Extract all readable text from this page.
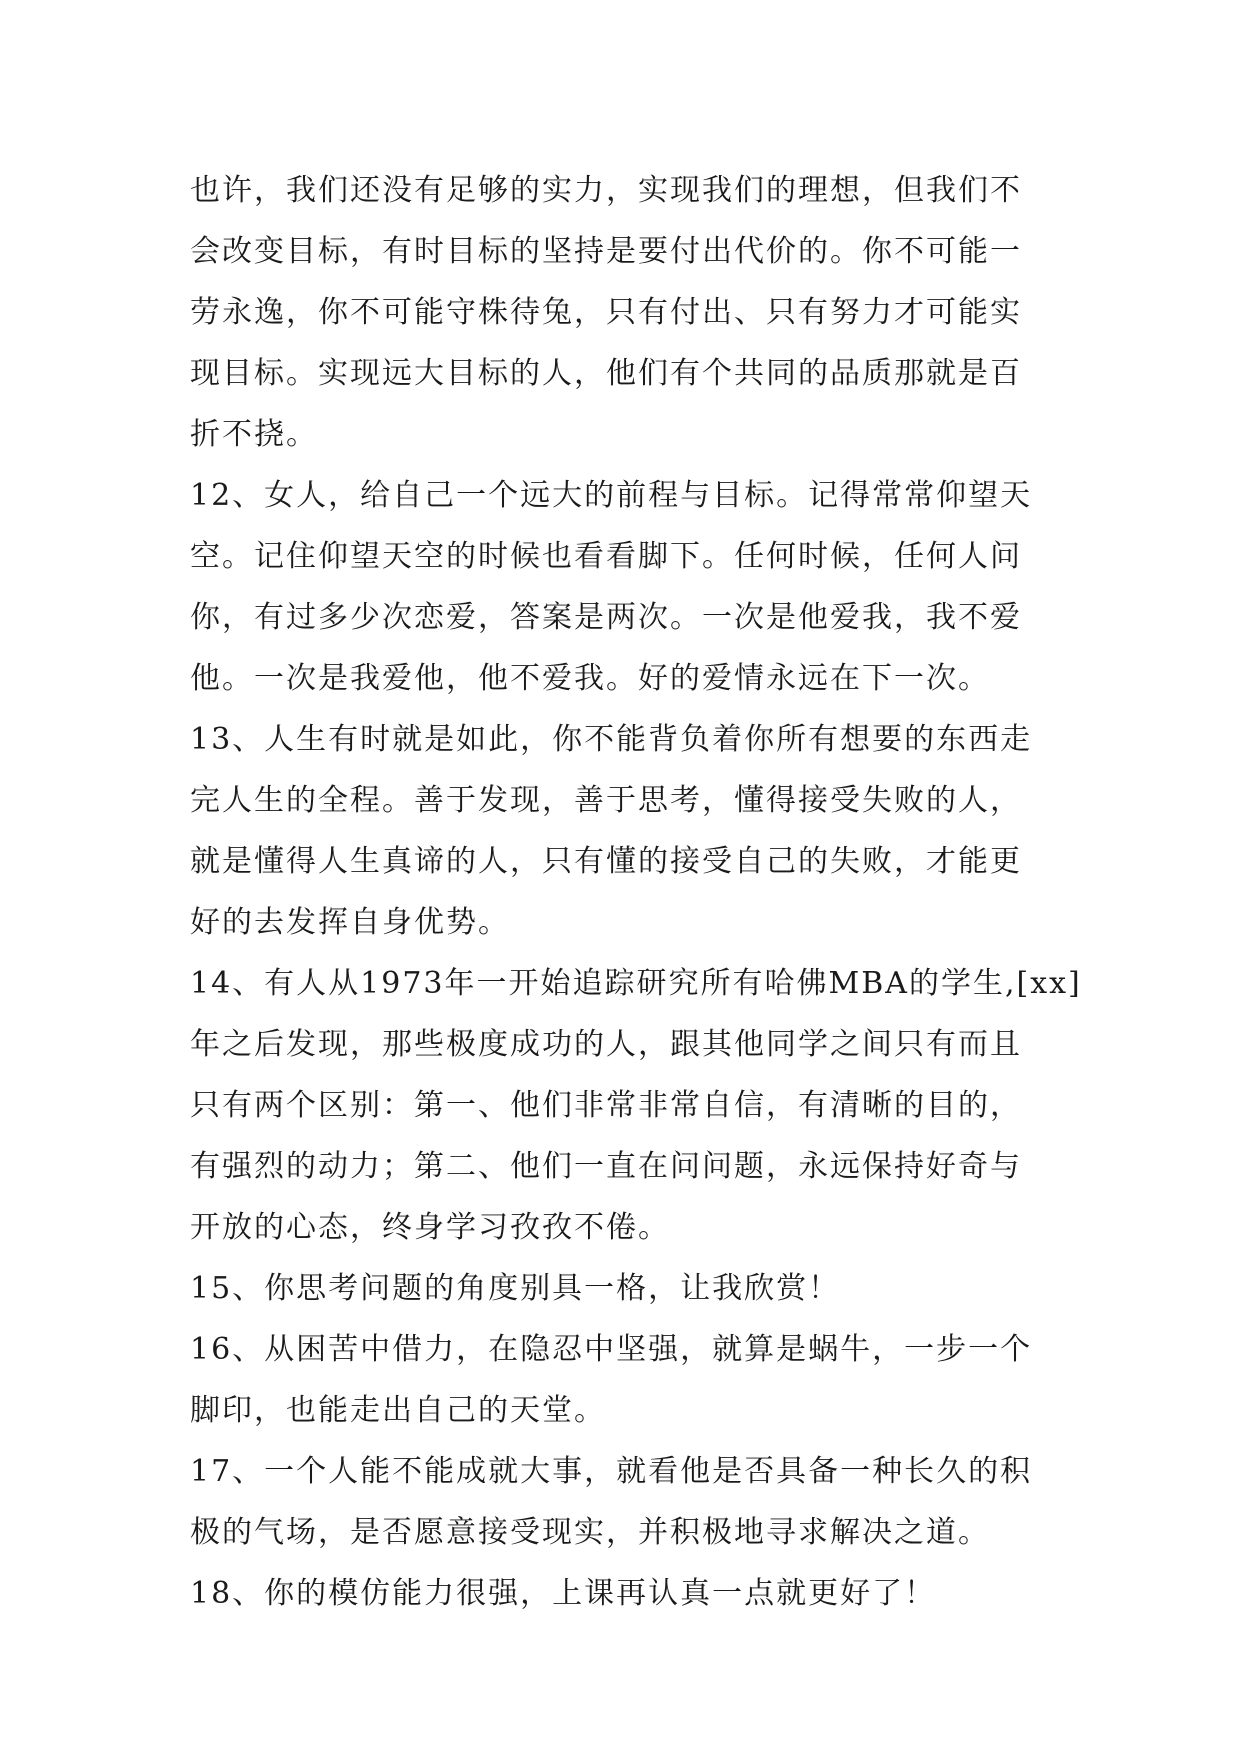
也许，我们还没有足够的实力，实现我们的理想，但我们不
会改变目标，有时目标的坚持是要付出代价的。你不可能一
劳永逸，你不可能守株待兔，只有付出、只有努力才可能实
现目标。实现远大目标的人，他们有个共同的品质那就是百
折不挠。
12、女人，给自己一个远大的前程与目标。记得常常仰望天
空。记住仰望天空的时候也看看脚下。任何时候，任何人问
你，有过多少次恋爱，答案是两次。一次是他爱我，我不爱
他。一次是我爱他，他不爱我。好的爱情永远在下一次。
13、人生有时就是如此，你不能背负着你所有想要的东西走
完人生的全程。善于发现，善于思考，懂得接受失败的人，
就是懂得人生真谛的人，只有懂的接受自己的失败，才能更
好的去发挥自身优势。
14、有人从1973年一开始追踪研究所有哈佛MBA的学生,[xx]
年之后发现，那些极度成功的人，跟其他同学之间只有而且
只有两个区别：第一、他们非常非常自信，有清晰的目的，
有强烈的动力；第二、他们一直在问问题，永远保持好奇与
开放的心态，终身学习孜孜不倦。
15、你思考问题的角度别具一格，让我欣赏！
16、从困苦中借力，在隐忍中坚强，就算是蜗牛，一步一个
脚印，也能走出自己的天堂。
17、一个人能不能成就大事，就看他是否具备一种长久的积
极的气场，是否愿意接受现实，并积极地寻求解决之道。
18、你的模仿能力很强，上课再认真一点就更好了！
